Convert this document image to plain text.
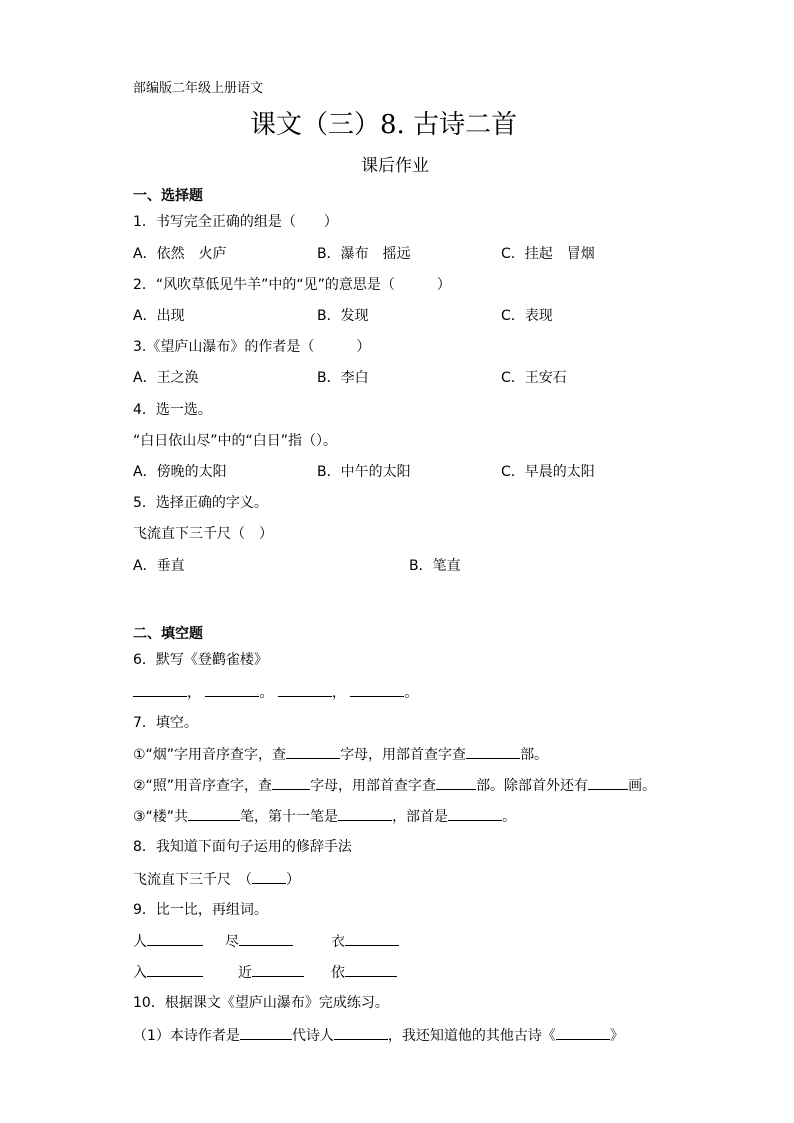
部编版二年级上册语文
课文（三）8. 古诗二首
课后作业
一、选择题
1．书写完全正确的组是（　　）
A．依然　火庐	B．瀑布　摇远	C．挂起　冒烟
2．“风吹草低见牛羊”中的“见”的意思是（　　　）
A．出现	B．发现	C．表现
3.《望庐山瀑布》的作者是（　　　）
A．王之涣	B．李白	C．王安石
4．选一选。
“白日依山尽”中的“白日”指（）。
A．傍晚的太阳	B．中午的太阳	C．早晨的太阳
5．选择正确的字义。
飞流直下三千尺（　）
A．垂直	B．笔直
二、填空题
6．默写《登鹳雀楼》
，	。	，	。
7．填空。
①“烟”字用音序查字，查	字母，用部首查字查	部。
②“照”用音序查字，查	字母，用部首查字查	部。除部首外还有	画。
③“楼”共	笔，第十一笔是	，部首是	。
8．我知道下面句子运用的修辞手法
飞流直下三千尺　（ ）
9．比一比，再组词。
人	尽	衣
入	近	依
10．根据课文《望庐山瀑布》完成练习。
（1）本诗作者是	代诗人	，我还知道他的其他古诗《	》
